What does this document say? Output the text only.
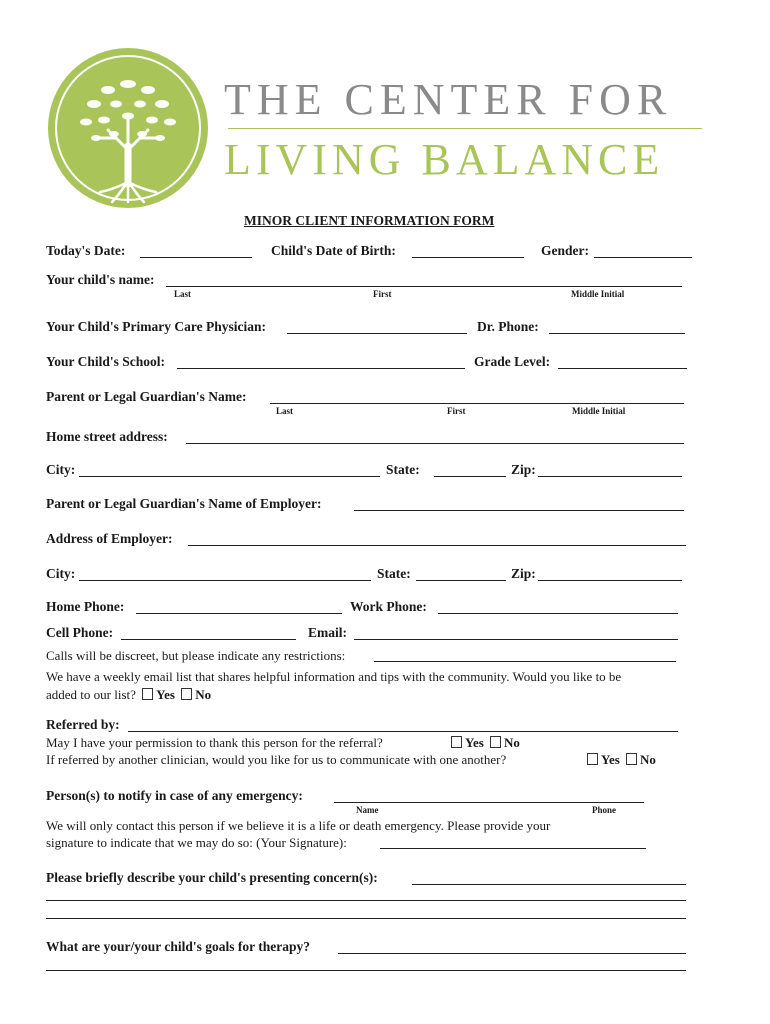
THE CENTER FOR
LIVING BALANCE
MINOR CLIENT INFORMATION FORM
Today's Date:	Child's Date of Birth:	Gender:
Your child's name:
Last	First	Middle Initial
Your Child's Primary Care Physician:	Dr. Phone:
Your Child's School:	Grade Level:
Parent or Legal Guardian's Name:
Last	First	Middle Initial
Home street address:
City:	State:	Zip:
Parent or Legal Guardian's Name of Employer:
Address of Employer:
City:	State:	Zip:
Home Phone:	Work Phone:
Cell Phone:	Email:
Calls will be discreet, but please indicate any restrictions:
We have a weekly email list that shares helpful information and tips with the community. Would you like to be
added to our list? Yes No
Referred by:
May I have your permission to thank this person for the referral?	Yes No
If referred by another clinician, would you like for us to communicate with one another?	Yes No
Person(s) to notify in case of any emergency:
Name	Phone
We will only contact this person if we believe it is a life or death emergency. Please provide your
signature to indicate that we may do so: (Your Signature):
Please briefly describe your child's presenting concern(s):
What are your/your child's goals for therapy?
